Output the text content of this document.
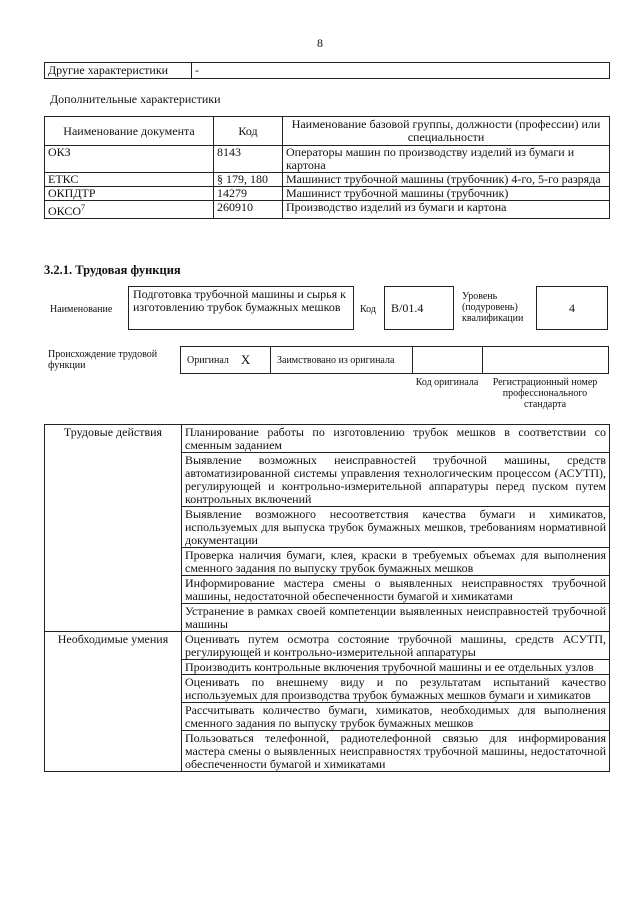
8
Другие характеристики	-
Дополнительные характеристики
Наименование документа	Код	Наименование базовой группы, должности (профессии) или специальности
ОКЗ	8143	Операторы машин по производству изделий из бумаги и картона
ЕТКС	§ 179, 180	Машинист трубочной машины (трубочник) 4-го, 5-го разряда
ОКПДТР	14279	Машинист трубочной машины (трубочник)
ОКСО$^7$	260910	Производство изделий из бумаги и картона
3.2.1. Трудовая функция
Наименование
Подготовка трубочной машины и сырья к изготовлению трубок бумажных мешков	Код	B/01.4
Уровень (подуровень) квалификации
4
Происхождение трудовой функции	Оригинал X	Заимствовано из оригинала
Код оригинала	Регистрационный номер профессионального стандарта
Трудовые действия	Планирование работы по изготовлению трубок мешков в соответствии со сменным заданием
	Выявление возможных неисправностей трубочной машины, средств автоматизированной системы управления технологическим процессом (АСУТП), регулирующей и контрольно-измерительной аппаратуры перед пуском путем контрольных включений
	Выявление возможного несоответствия качества бумаги и химикатов, используемых для выпуска трубок бумажных мешков, требованиям нормативной документации
	Проверка наличия бумаги, клея, краски в требуемых объемах для выполнения сменного задания по выпуску трубок бумажных мешков
	Информирование мастера смены о выявленных неисправностях трубочной машины, недостаточной обеспеченности бумагой и химикатами
	Устранение в рамках своей компетенции выявленных неисправностей трубочной машины
Необходимые умения	Оценивать путем осмотра состояние трубочной машины, средств АСУТП, регулирующей и контрольно-измерительной аппаратуры
	Производить контрольные включения трубочной машины и ее отдельных узлов
	Оценивать по внешнему виду и по результатам испытаний качество используемых для производства трубок бумажных мешков бумаги и химикатов
	Рассчитывать количество бумаги, химикатов, необходимых для выполнения сменного задания по выпуску трубок бумажных мешков
	Пользоваться телефонной, радиотелефонной связью для информирования мастера смены о выявленных неисправностях трубочной машины, недостаточной обеспеченности бумагой и химикатами
